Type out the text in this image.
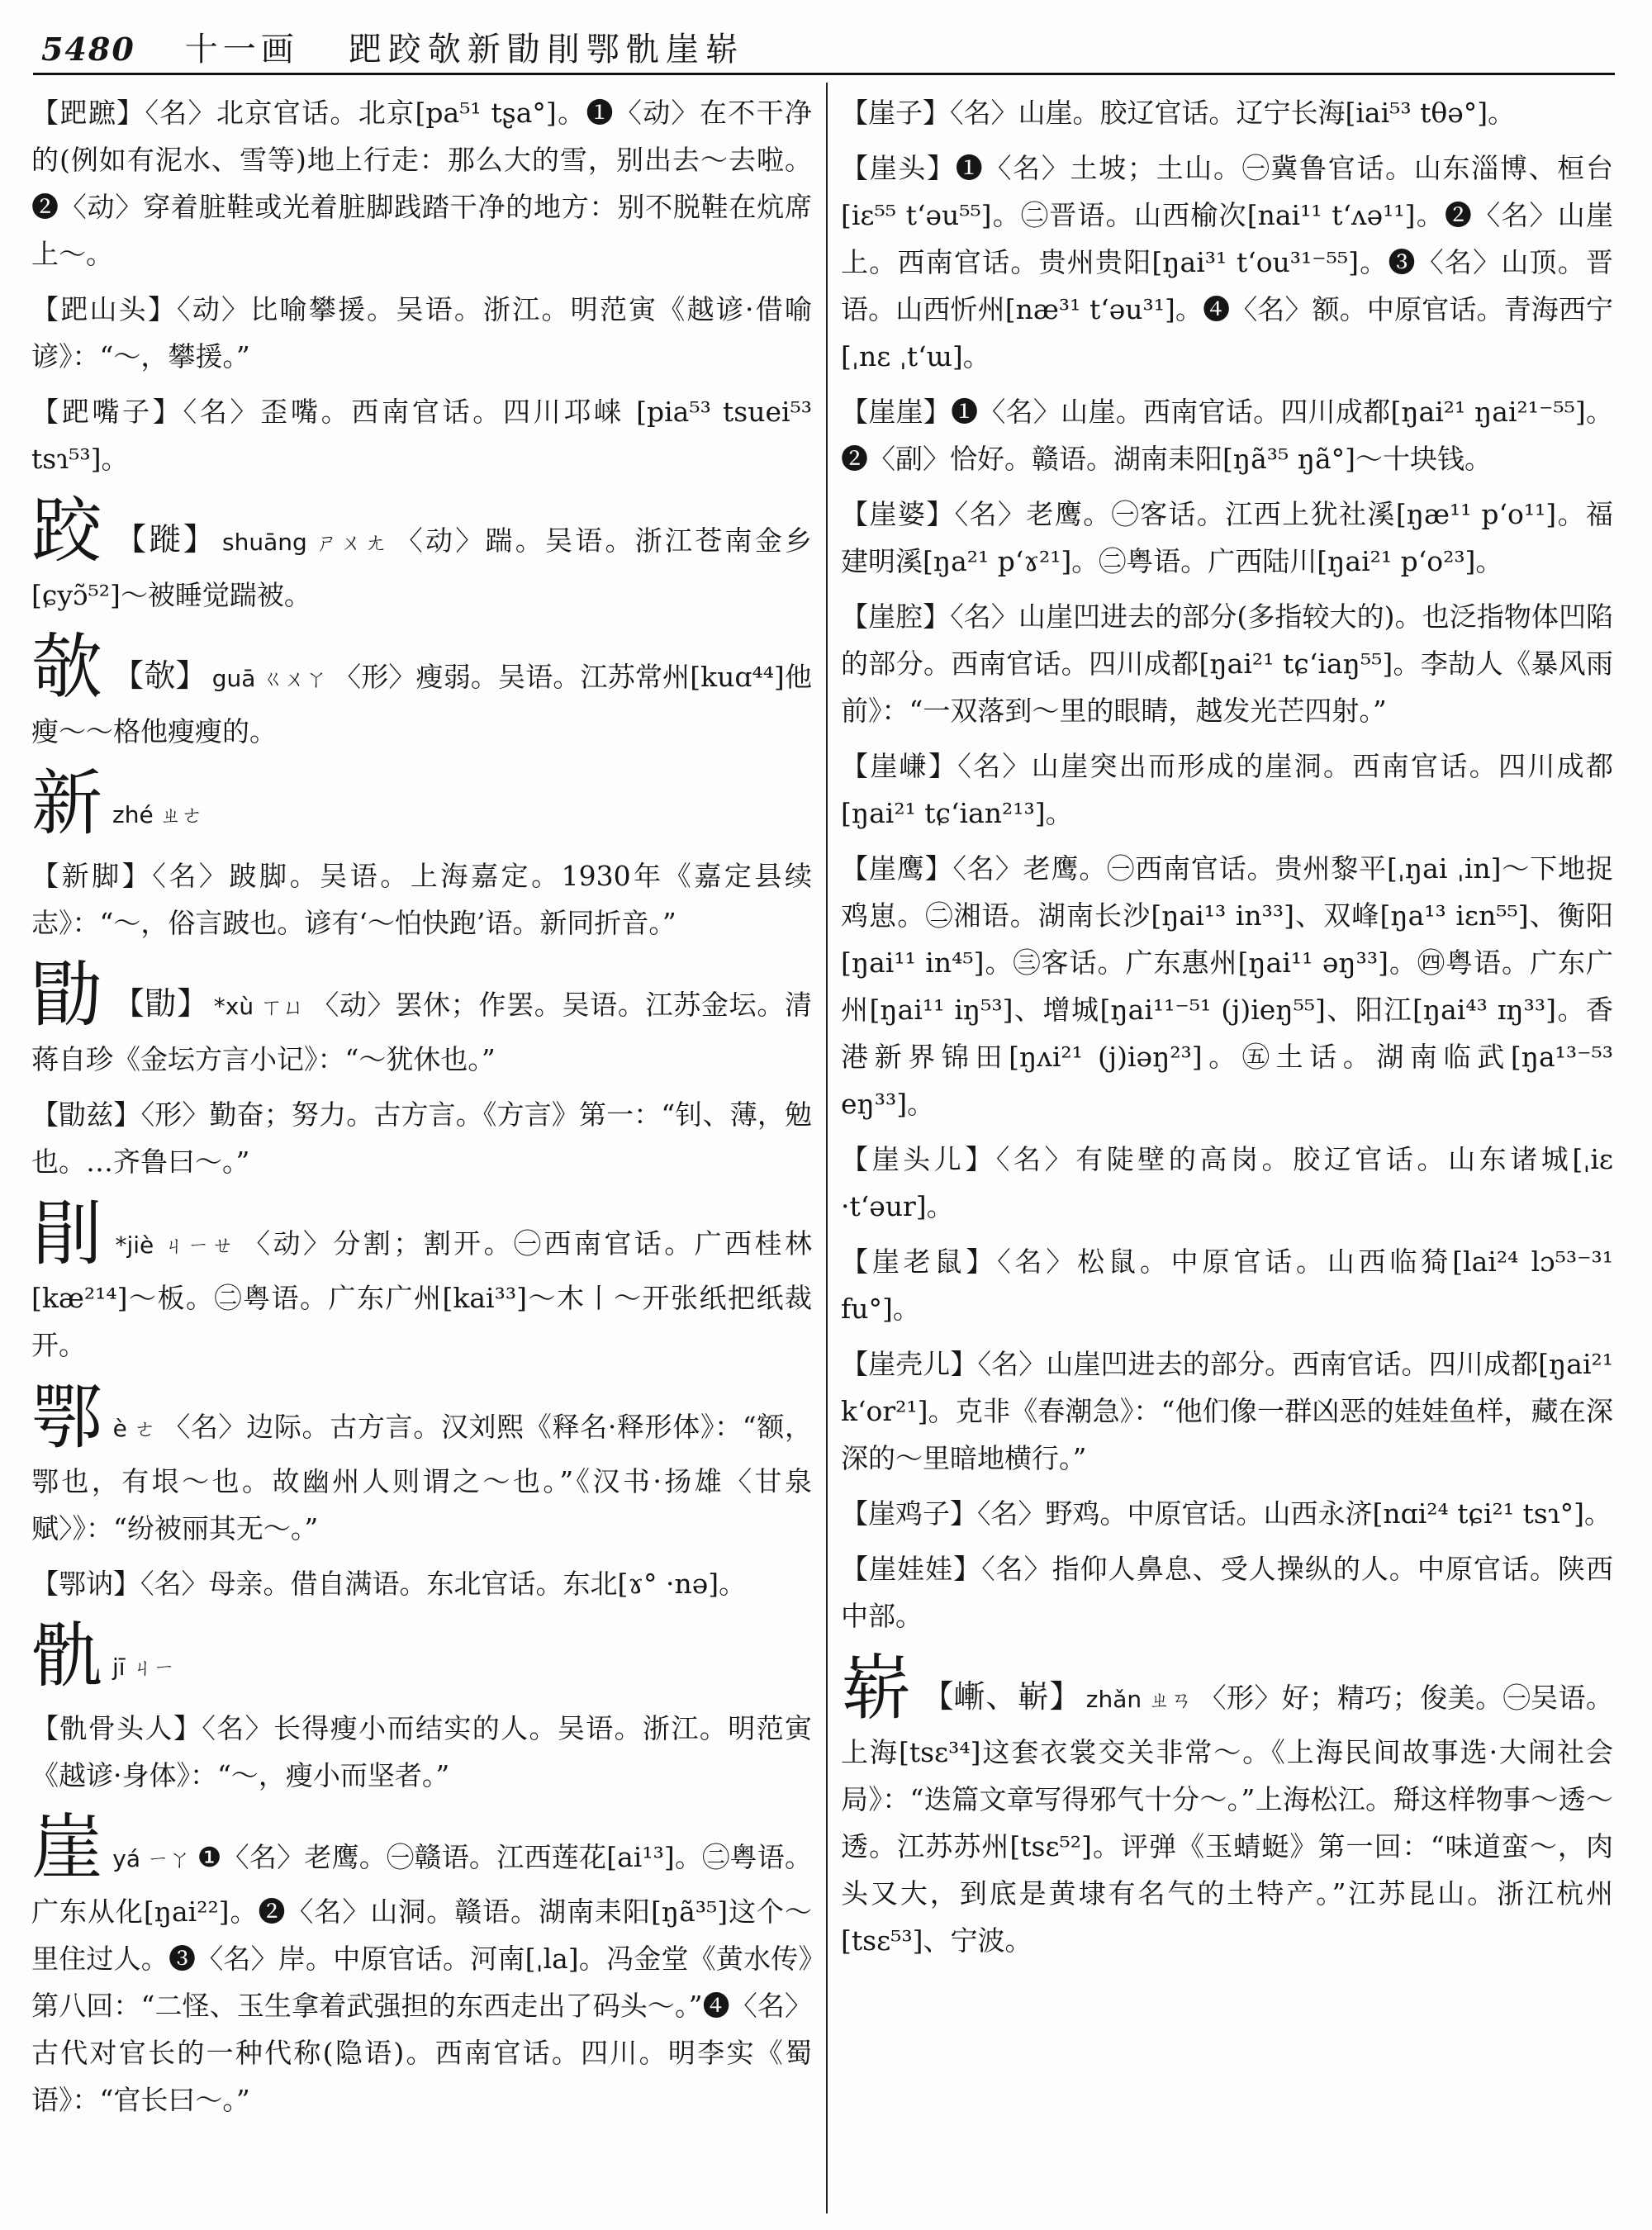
5480 十一画 跁跤欹新勖剈鄂骩崖崭

【跁蹠】〈名〉北京官话。北京[pa⁵¹ tʂa°]。❶〈动〉在不干净的(例如有泥水、雪等)地上行走：那么大的雪，别出去～去啦。❷〈动〉穿着脏鞋或光着脏脚践踏干净的地方：别不脱鞋在炕席上～。

【跁山头】〈动〉比喻攀援。吴语。浙江。明范寅《越谚·借喻谚》：“～，攀援。”

【跁嘴子】〈名〉歪嘴。西南官话。四川邛崃 [pia⁵³ tsuei⁵³ tsɿ⁵³]。

跤 【蹝】 shuāng ㄕㄨㄤ 〈动〉踹。吴语。浙江苍南金乡[ɕyɔ̃⁵²]～被睡觉踹被。

欹 【欹】 guā ㄍㄨㄚ 〈形〉瘦弱。吴语。江苏常州[kuɑ⁴⁴]他瘦～～格他瘦瘦的。

新zhé ㄓㄜ

【新脚】〈名〉跛脚。吴语。上海嘉定。1930年《嘉定县续志》：“～，俗言跛也。谚有‘～怕快跑’语。新同折音。”

勖 【勖】 *xù ㄒㄩ 〈动〉罢休；作罢。吴语。江苏金坛。清蒋自珍《金坛方言小记》：“～犹休也。”

【勖兹】〈形〉勤奋；努力。古方言。《方言》第一：“钊、薄，勉也。…齐鲁曰～。”

剈 *jiè ㄐㄧㄝ 〈动〉分割；割开。㊀西南官话。广西桂林[kæ²¹⁴]～板。㊁粤语。广东广州[kai³³]～木丨～开张纸把纸裁开。

鄂è ㄜ 〈名〉边际。古方言。汉刘熙《释名·释形体》：“额，鄂也，有垠～也。故幽州人则谓之～也。”《汉书·扬雄〈甘泉赋〉》：“纷被丽其无～。”

【鄂讷】〈名〉母亲。借自满语。东北官话。东北[ɤ° ·nə]。

骩jī ㄐㄧ

【骩骨头人】〈名〉长得瘦小而结实的人。吴语。浙江。明范寅《越谚·身体》：“～，瘦小而坚者。”

崖yá ㄧㄚ ❶〈名〉老鹰。㊀赣语。江西莲花[ai¹³]。㊁粤语。广东从化[ŋai²²]。❷〈名〉山洞。赣语。湖南耒阳[ŋã³⁵]这个～里住过人。❸〈名〉岸。中原官话。河南[ˌla]。冯金堂《黄水传》第八回：“二怪、玉生拿着武强担的东西走出了码头～。”❹〈名〉古代对官长的一种代称(隐语)。西南官话。四川。明李实《蜀语》：“官长曰～。”

【崖子】〈名〉山崖。胶辽官话。辽宁长海[iai⁵³ tθə°]。

【崖头】❶〈名〉土坡；土山。㊀冀鲁官话。山东淄博、桓台[iɛ⁵⁵ t‘əu⁵⁵]。㊁晋语。山西榆次[nai¹¹ t‘ʌə¹¹]。❷〈名〉山崖上。西南官话。贵州贵阳[ŋai³¹ t‘ou³¹⁻⁵⁵]。❸〈名〉山顶。晋语。山西忻州[næ³¹ t‘əu³¹]。❹〈名〉额。中原官话。青海西宁[ˌnɛ ˌt‘ɯ]。

【崖崖】❶〈名〉山崖。西南官话。四川成都[ŋai²¹ ŋai²¹⁻⁵⁵]。❷〈副〉恰好。赣语。湖南耒阳[ŋã³⁵ ŋã°]～十块钱。

【崖婆】〈名〉老鹰。㊀客话。江西上犹社溪[ŋæ¹¹ p‘o¹¹]。福建明溪[ŋa²¹ p‘ɤ²¹]。㊁粤语。广西陆川[ŋai²¹ p‘o²³]。

【崖腔】〈名〉山崖凹进去的部分(多指较大的)。也泛指物体凹陷的部分。西南官话。四川成都[ŋai²¹ tɕ‘iaŋ⁵⁵]。李劼人《暴风雨前》：“一双落到～里的眼睛，越发光芒四射。”

【崖嵰】〈名〉山崖突出而形成的崖洞。西南官话。四川成都[ŋai²¹ tɕ‘ian²¹³]。

【崖鹰】〈名〉老鹰。㊀西南官话。贵州黎平[ˌŋai ˌin]～下地捉鸡崽。㊁湘语。湖南长沙[ŋai¹³ in³³]、双峰[ŋa¹³ iɛn⁵⁵]、衡阳[ŋai¹¹ in⁴⁵]。㊂客话。广东惠州[ŋai¹¹ əŋ³³]。㊃粤语。广东广州[ŋai¹¹ iŋ⁵³]、增城[ŋai¹¹⁻⁵¹ (j)ieŋ⁵⁵]、阳江[ŋai⁴³ ɪŋ³³]。香港新界锦田[ŋʌi²¹ (j)iəŋ²³]。㊄土话。湖南临武[ŋa¹³⁻⁵³ eŋ³³]。

【崖头儿】〈名〉有陡壁的高岗。胶辽官话。山东诸城[ˌiɛ ·t‘əur]。

【崖老鼠】〈名〉松鼠。中原官话。山西临猗[lai²⁴ lɔ⁵³⁻³¹ fu°]。

【崖壳儿】〈名〉山崖凹进去的部分。西南官话。四川成都[ŋai²¹ k‘or²¹]。克非《春潮急》：“他们像一群凶恶的娃娃鱼样，藏在深深的～里暗地横行。”

【崖鸡子】〈名〉野鸡。中原官话。山西永济[nɑi²⁴ tɕi²¹ tsɿ°]。

【崖娃娃】〈名〉指仰人鼻息、受人操纵的人。中原官话。陕西中部。

崭 【嶃、嶄】 zhǎn ㄓㄢ 〈形〉好；精巧；俊美。㊀吴语。上海[tsɛ³⁴]这套衣裳交关非常～。《上海民间故事选·大闹社会局》：“迭篇文章写得邪气十分～。”上海松江。搿这样物事～透～透。江苏苏州[tsɛ⁵²]。评弹《玉蜻蜓》第一回：“味道蛮～，肉头又大，到底是黄埭有名气的土特产。”江苏昆山。浙江杭州[tsɛ⁵³]、宁波。
